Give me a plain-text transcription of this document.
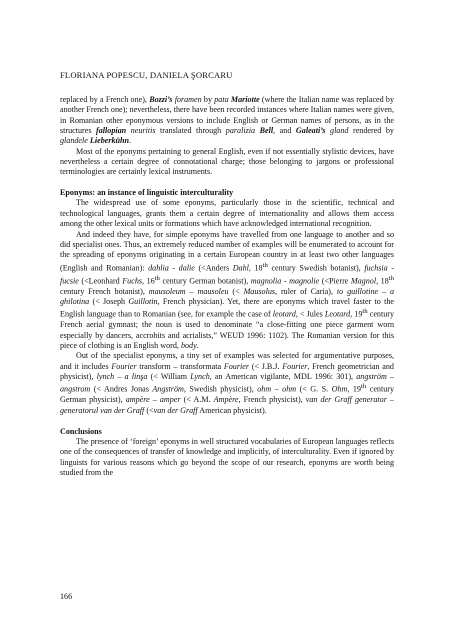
FLORIANA POPESCU, DANIELA ŞORCARU

replaced by a French one), Bozzi’s foramen by pata Mariotte (where the Italian name was replaced by another French one); nevertheless, there have been recorded instances where Italian names were given, in Romanian other eponymous versions to include English or German names of persons, as in the structures fallopian neuritis translated through paralizia Bell, and Galeati’s gland rendered by glandele Lieberkühn.

Most of the eponyms pertaining to general English, even if not essentially stylistic devices, have nevertheless a certain degree of connotational charge; those belonging to jargons or professional terminologies are certainly lexical instruments.

Eponyms: an instance of linguistic interculturality

The widespread use of some eponyms, particularly those in the scientific, technical and technological languages, grants them a certain degree of internationality and allows them access among the other lexical units or formations which have acknowledged international recognition.

And indeed they have, for simple eponyms have travelled from one language to another and so did specialist ones. Thus, an extremely reduced number of examples will be enumerated to account for the spreading of eponyms originating in a certain European country in at least two other languages (English and Romanian): dahlia - dalie (<Anders Dahl, 18th century Swedish botanist), fuchsia - fucsie (<Leonhard Fuchs, 16th century German botanist), magnolia - magnolie (<Pierre Magnol, 18th century French botanist), mausoleum – mausoleu (< Mausolus, ruler of Caria), to guillotine – a ghilotina (< Joseph Guillotin, French physician). Yet, there are eponyms which travel faster to the English language than to Romanian (see, for example the case of leotard, < Jules Leotard, 19th century French aerial gymnast; the noun is used to denominate “a close-fitting one piece garment worn especially by dancers, accrobits and acrialists,” WEUD 1996: 1102). The Romanian version for this piece of clothing is an English word, body.

Out of the specialist eponyms, a tiny set of examples was selected for argumentative purposes, and it includes Fourier transform – transformata Fourier (< J.B.J. Fourier, French geometrician and physicist), lynch – a linşa (< William Lynch, an American vigilante, MDL 1996: 301), angström – angstrom (< Andres Jonas Angström, Swedish physicist), ohm – ohm (< G. S. Ohm, 19th century German physicist), ampère – amper (< A.M. Ampère, French physicist), van der Graff generator – generatorul van der Graff (<van der Graff American physicist).

Conclusions

The presence of ‘foreign’ eponyms in well structured vocabularies of European languages reflects one of the consequences of transfer of knowledge and implicitly, of interculturality. Even if ignored by linguists for various reasons which go beyond the scope of our research, eponyms are worth being studied from the

166
